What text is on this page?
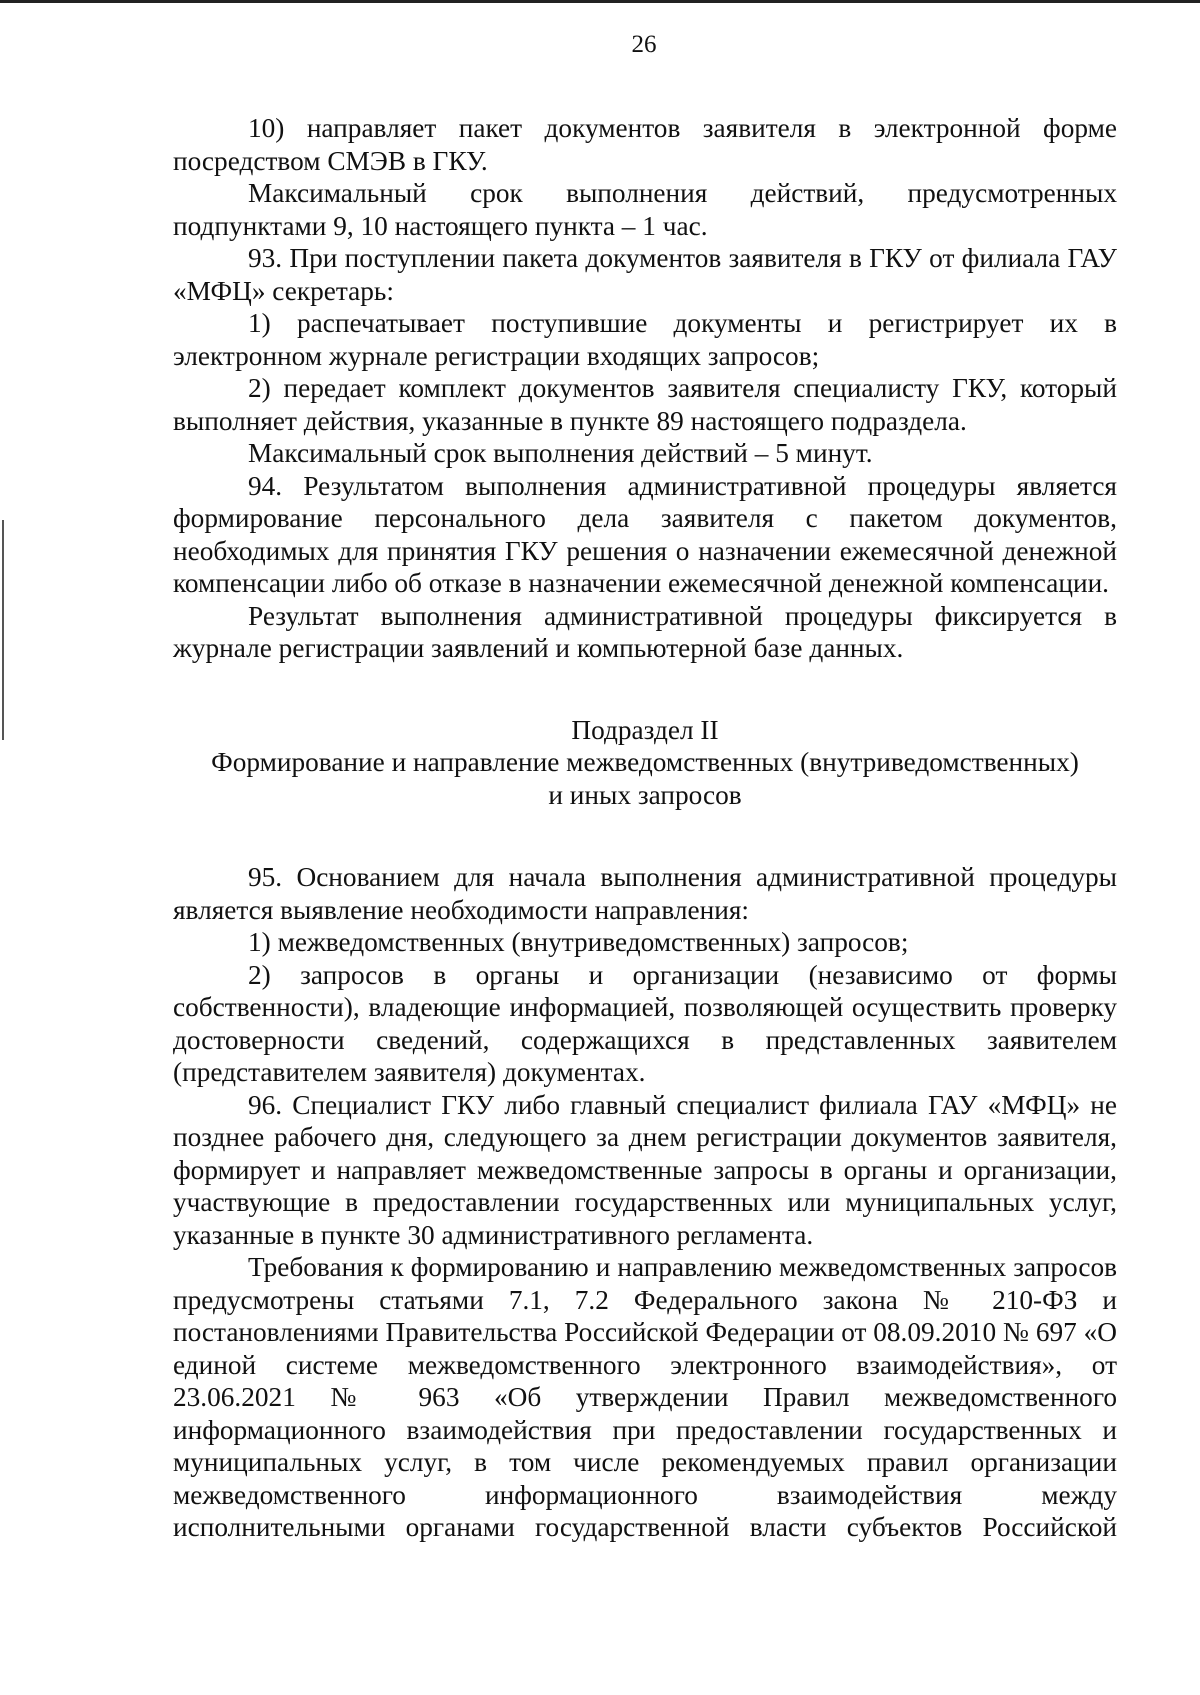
26

10) направляет пакет документов заявителя в электронной форме посредством СМЭВ в ГКУ.

Максимальный срок выполнения действий, предусмотренных подпунктами 9, 10 настоящего пункта – 1 час.

93. При поступлении пакета документов заявителя в ГКУ от филиала ГАУ «МФЦ» секретарь:

1) распечатывает поступившие документы и регистрирует их в электронном журнале регистрации входящих запросов;

2) передает комплект документов заявителя специалисту ГКУ, который выполняет действия, указанные в пункте 89 настоящего подраздела.

Максимальный срок выполнения действий – 5 минут.

94. Результатом выполнения административной процедуры является формирование персонального дела заявителя с пакетом документов, необходимых для принятия ГКУ решения о назначении ежемесячной денежной компенсации либо об отказе в назначении ежемесячной денежной компенсации.

Результат выполнения административной процедуры фиксируется в журнале регистрации заявлений и компьютерной базе данных.

Подраздел II
Формирование и направление межведомственных (внутриведомственных)
и иных запросов

95. Основанием для начала выполнения административной процедуры является выявление необходимости направления:

1) межведомственных (внутриведомственных) запросов;

2) запросов в органы и организации (независимо от формы собственности), владеющие информацией, позволяющей осуществить проверку достоверности сведений, содержащихся в представленных заявителем (представителем заявителя) документах.

96. Специалист ГКУ либо главный специалист филиала ГАУ «МФЦ» не позднее рабочего дня, следующего за днем регистрации документов заявителя, формирует и направляет межведомственные запросы в органы и организации, участвующие в предоставлении государственных или муниципальных услуг, указанные в пункте 30 административного регламента.

Требования к формированию и направлению межведомственных запросов предусмотрены статьями 7.1, 7.2 Федерального закона № 210-ФЗ и постановлениями Правительства Российской Федерации от 08.09.2010 № 697 «О единой системе межведомственного электронного взаимодействия», от 23.06.2021 № 963 «Об утверждении Правил межведомственного информационного взаимодействия при предоставлении государственных и муниципальных услуг, в том числе рекомендуемых правил организации межведомственного информационного взаимодействия между исполнительными органами государственной власти субъектов Российской
